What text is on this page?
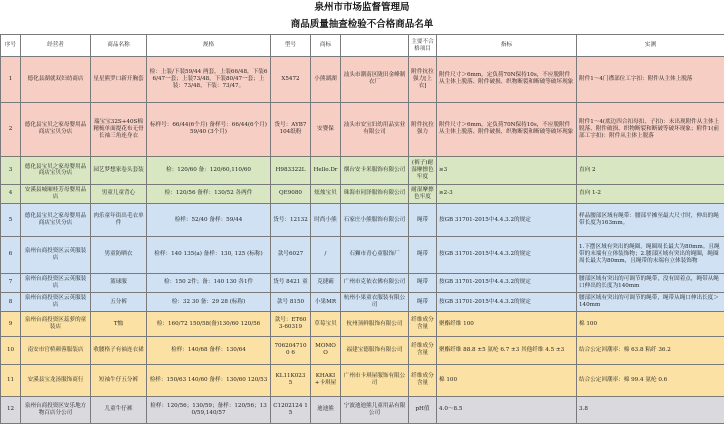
泉州市市场监督管理局
商品质量抽查检验不合格商品名单
序号	经营者	商品名称	规格	型号	商标		主要不合格项目	指标	实测
1	德化县湖就双妇幼商店	星星熊罗口新开胸套	检：上装/下装59/44 两套，上装66/48，下装66/47一套；上装73/48，下装80/47一套；上装：73/48，下装：73/47。	X5472	小熊湖湖	汕头市潮南区陇田金峰制衣厂	附件抗拉强力[上衣]	附件尺寸＞6mm，定负荷70N保持10s，不应脱附件从主体上脱落、附件破损、织物断裂和断破等破坏现象	附件1～4门襟部位工字扣：附件从主体上脱落
2	德化县宝贝之家母婴用品商店宝贝分店	瑞宝宝32S+40S棉精梳单面提花布无骨长袖三角连身衣	标样号：66/44(6个月) 备样号：66/44(6个月) 59/40 (3个月)	货号：AYB7104纸粉	安婴保	汕头市安宝妇幼用品实业有限公司	附件抗拉强力	附件尺寸＞6mm，定负荷70N保持10s，不应脱附件从主体上脱落、附件破损、织物断裂和断破等破坏现象	附件1～4(底边四合扣母扣、子扣)：未出现附件从主体上脱落、附件破损、织物断裂和断破等破坏现象；附件1(前部工字扣)：附件从主体上脱落
3	德化县宝贝之家母婴用品商店宝贝分店	园艺梦想家卷头套装	检：120/60 备：120/60,110/60	H983322L	Hello.Dr	烟台安卡米服饰有限公司	(裤子)耐湿摩擦色牢度	≥3	直向 2
4	安溪县城厢桂芳母婴用品店	男童儿童背心	检：120/56 备样：130/52 各两件	QE9080	炫烛宝贝	珠海市同泽服饰有限公司	耐湿摩擦色牢度	≥2-3	直向 1-2
5	德化县宝贝之家母婴用品商店宝贝分店	肉乐童年街出毛衣单件	检样：52/40 备样：59/44	货号：12132	时尚小熊	石家庄小熊服饰有限公司	绳带	按GB 31701-2015中4.4.3.2的规定	样品腰部区域有绳带：腰部平摊至最大尺寸时，伸出的绳带长度为163mm。
6	泉州台商投资区云英服装店	男童防晒衣	检样：140 135(a) 备样：130, 125 (标称)	款号6027	/	石狮市青心童服饰厂	绳带	按GB 31701-2015中4.4.3.2的规定	1.下摆区域有突出的绳圈，绳圈周长最大为80mm。且绳带的末端有立体装饰物；2.腰部区域有突出的绳圈，绳圈周长最大为80mm，且绳带的末端有立体装饰物
7	泉州台商投资区云英服装店	篮球服	检：150 2件；备：140 130 各1件	货号 8421 童	克捷霸	广州市克依衣佛有限公司	绳带	按GB 31701-2015中4.4.3.2的规定	腰部区域有突出的可调节的绳带，没有固着点，绳带从绳口伸出的长度为140mm
8	泉州台商投资区云英服装店	五分裤	检：32 30 备：29 28 (标称)	款号 8150	小果MR	杭州小果童衣服装有限公司	绳带	按GB 31701-2015中4.4.3.2的规定	腰部区域有突出的可调节的绳带，绳带从绳口伸出长度＞140mm
9	泉州台商投资区蕊萝的童装店	T恤	检：160/72 150/58(备)130/60 120/56	款号：ET603-60319	草莓宝贝	杭州顶鲜服饰有限公司	纤维成分含量	聚酯纤维 100	棉 100
10	南安市官桥颜蓉服装店	收腰格子有袖连衣裙	检样：140/68 备样：130/64	7062047100 6	MOMO O	福建宝德服饰有限公司	纤维成分含量	聚酯纤维 88.8 ±5 氨纶 6.7 ±3 其他纤维 4.5 ±3	结合公定回潮率：棉 63.8 粘纤 36.2
11	安溪县宝龙汤服饰商行	短袖牛仔五分裤	检样：150/63 140/60 备样：130/60 120/53	KL11K023 5	KHAKI+卡琪屋	广州市卡琪屋服饰有限公司	纤维成分含量	棉 100	结合公定回潮率：棉 99.4 氨纶 0.6
12	泉州台商投资区安乐地方物百店分公司	儿童牛仔裤	检样：120/56；130/59；备样：120/56；130/59,140/57	C1202124 15	迪迪熊	宁波迪迪熊儿童用品有限公司	pH值	4.0～8.5	3.8
